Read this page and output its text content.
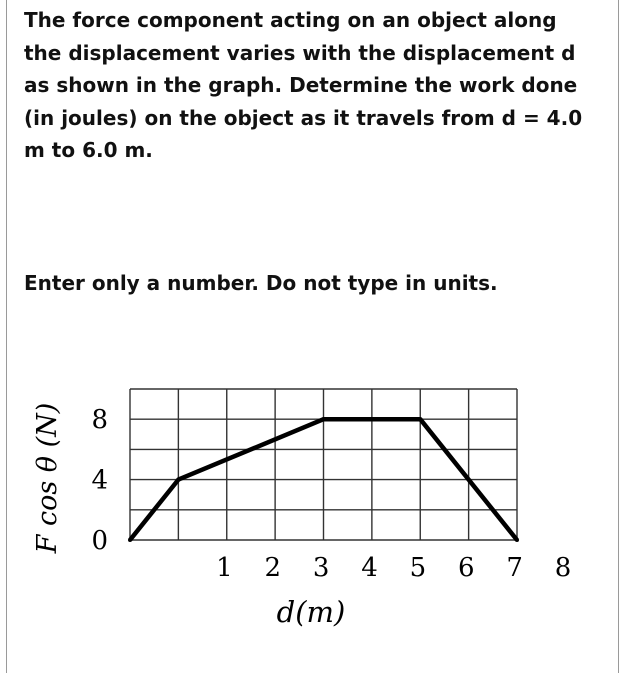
The force component acting on an object along

the displacement varies with the displacement d

as shown in the graph. Determine the work done

(in joules) on the object as it travels from d = 4.0

m to 6.0 m.

Enter only a number. Do not type in units.
0
4
8
1 2 3 4 5 6 7 8
F cos θ (N)
d(m)
